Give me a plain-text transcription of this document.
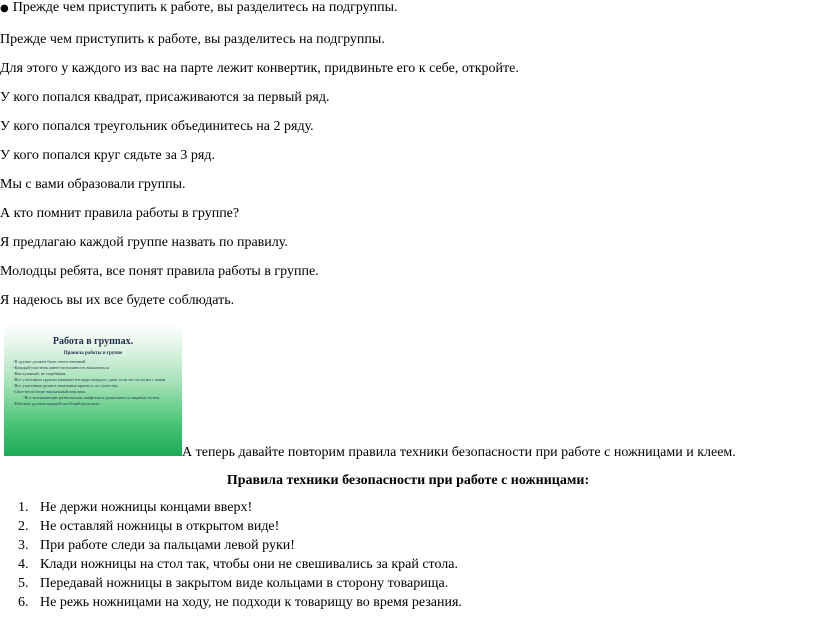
● Прежде чем приступить к работе, вы разделитесь на подгруппы.
Прежде чем приступить к работе, вы разделитесь на подгруппы.
Для этого у каждого из вас на парте лежит конвертик, придвиньте его к себе, откройте.
У кого попался квадрат, присаживаются за первый ряд.
У кого попался треугольник объединитесь на 2 ряду.
У кого попался круг сядьте за 3 ряд.
Мы с вами образовали группы.
А кто помнит правила работы в группе?
Я предлагаю каждой группе назвать по правилу.
Молодцы ребята, все понят правила работы в группе.
Я надеюсь вы их все будете соблюдать.
Работа в группах.
Правила работы в группе
-В группе должен быть ответственный.
-Каждый участник имеет возможность высказаться
-Выслушивай, не перебивая
-Все участники группы уважают взгляды каждого, даже если не согласны с ними
-Все участники делают замечания кратко и по существу.
-Свое несогласие высказывай вежливо.
-Все возникающие разногласия, конфликты разрешаются мирным путем.
-Работать должен каждый на общий результат.
А теперь давайте повторим правила техники безопасности при работе с ножницами и клеем.
Правила техники безопасности при работе с ножницами:
1. Не держи ножницы концами вверх!
2. Не оставляй ножницы в открытом виде!
3. При работе следи за пальцами левой руки!
4. Клади ножницы на стол так, чтобы они не свешивались за край стола.
5. Передавай ножницы в закрытом виде кольцами в сторону товарища.
6. Не режь ножницами на ходу, не подходи к товарищу во время резания.
